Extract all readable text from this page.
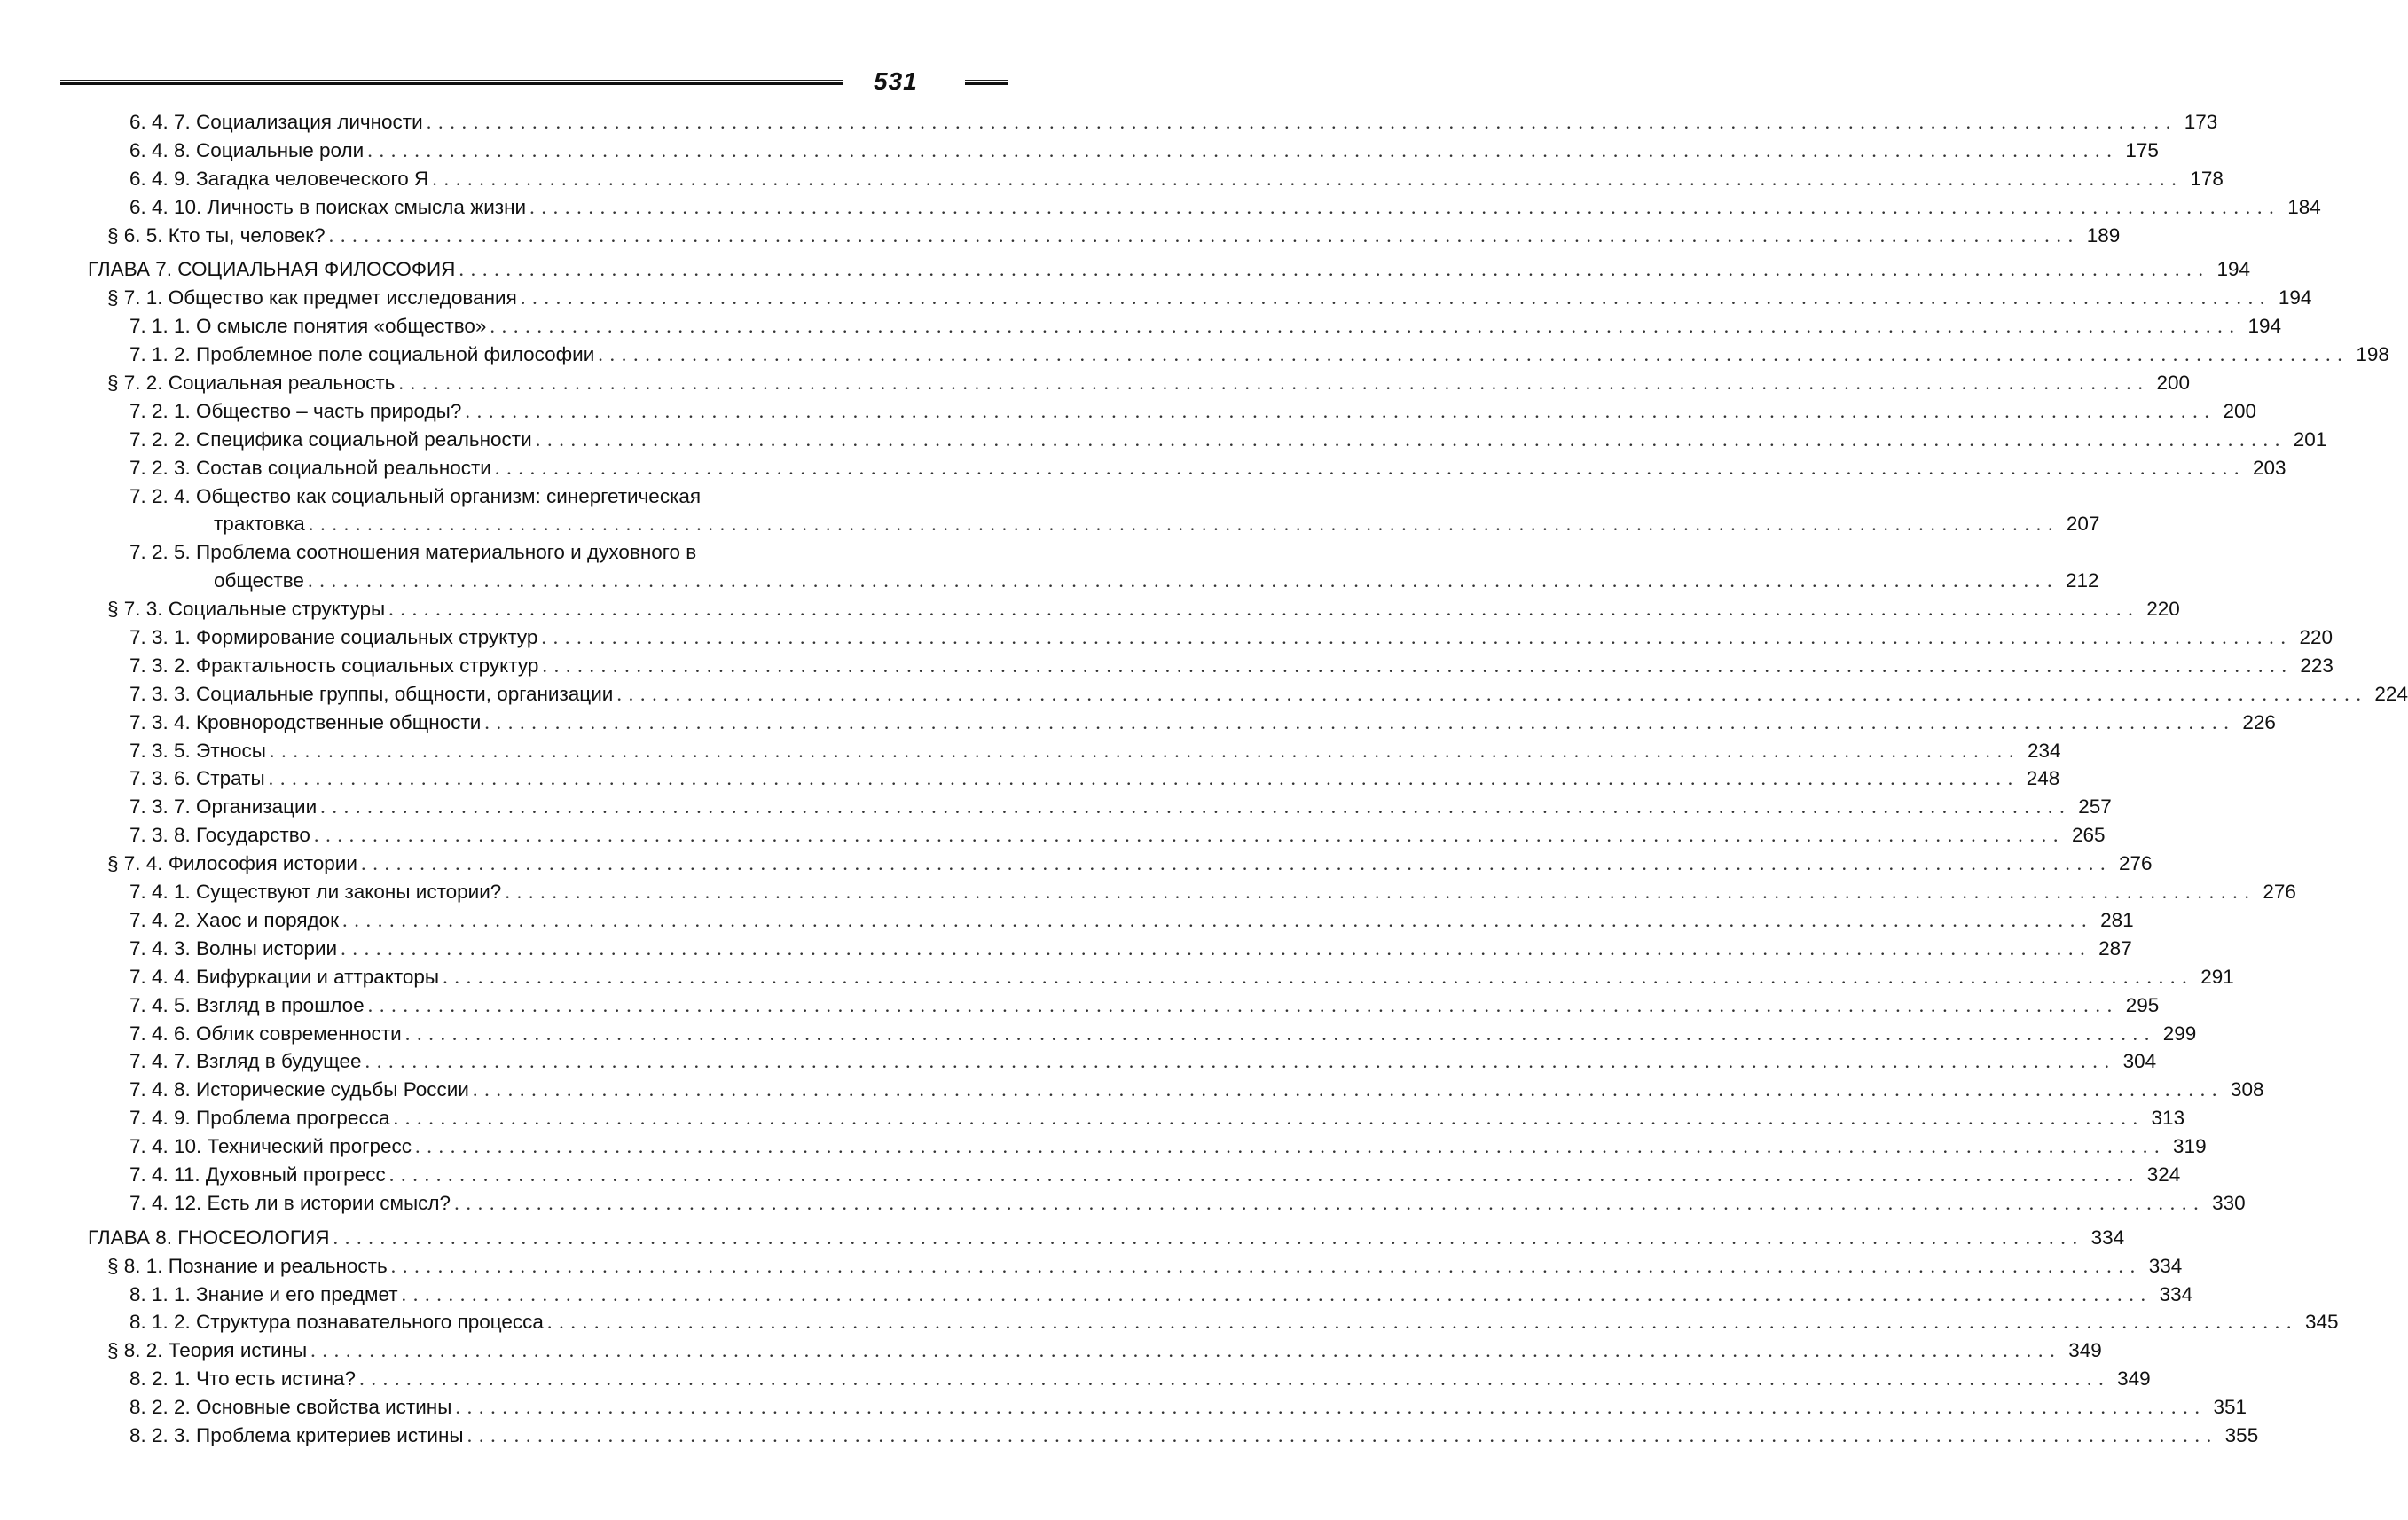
531
6. 4. 7. Социализация личности . . .	173
6. 4. 8. Социальные роли . . .	175
6. 4. 9. Загадка человеческого Я . . .	178
6. 4. 10. Личность в поисках смысла жизни . . .	184
§ 6. 5. Кто ты, человек? . . .	189
ГЛАВА 7. СОЦИАЛЬНАЯ ФИЛОСОФИЯ . . .	194
§ 7. 1. Общество как предмет исследования . . .	194
7. 1. 1. О смысле понятия «общество» . . .	194
7. 1. 2. Проблемное поле социальной философии . . .	198
§ 7. 2. Социальная реальность . . .	200
7. 2. 1. Общество – часть природы? . . .	200
7. 2. 2. Специфика социальной реальности . . .	201
7. 2. 3. Состав социальной реальности . . .	203
7. 2. 4. Общество как социальный организм: синергетическая
трактовка . . .	207
7. 2. 5. Проблема соотношения материального и духовного в
обществе . . .	212
§ 7. 3. Социальные структуры . . .	220
7. 3. 1. Формирование социальных структур . . .	220
7. 3. 2. Фрактальность социальных структур . . .	223
7. 3. 3. Социальные группы, общности, организации . . .	224
7. 3. 4. Кровнородственные общности . . .	226
7. 3. 5. Этносы . . .	234
7. 3. 6. Страты . . .	248
7. 3. 7. Организации . . .	257
7. 3. 8. Государство . . .	265
§ 7. 4. Философия истории . . .	276
7. 4. 1. Существуют ли законы истории? . . .	276
7. 4. 2. Хаос и порядок . . .	281
7. 4. 3. Волны истории . . .	287
7. 4. 4. Бифуркации и аттракторы . . .	291
7. 4. 5. Взгляд в прошлое . . .	295
7. 4. 6. Облик современности . . .	299
7. 4. 7. Взгляд в будущее . . .	304
7. 4. 8. Исторические судьбы России . . .	308
7. 4. 9. Проблема прогресса . . .	313
7. 4. 10. Технический прогресс . . .	319
7. 4. 11. Духовный прогресс . . .	324
7. 4. 12. Есть ли в истории смысл? . . .	330
ГЛАВА 8. ГНОСЕОЛОГИЯ . . .	334
§ 8. 1. Познание и реальность . . .	334
8. 1. 1. Знание и его предмет . . .	334
8. 1. 2. Структура познавательного процесса . . .	345
§ 8. 2. Теория истины . . .	349
8. 2. 1. Что есть истина? . . .	349
8. 2. 2. Основные свойства истины . . .	351
8. 2. 3. Проблема критериев истины . . .	355
